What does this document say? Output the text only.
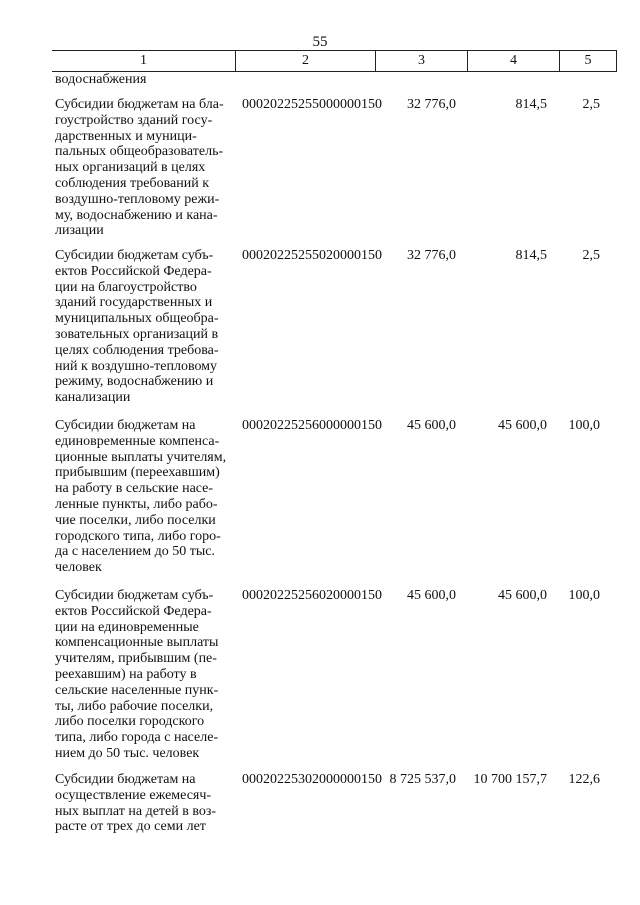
55
1	2	3	4	5
водоснабжения
Субсидии бюджетам на бла-
гоустройство зданий госу-
дарственных и муници-
пальных общеобразователь-
ных организаций в целях
соблюдения требований к
воздушно-тепловому режи-
му, водоснабжению и кана-
лизации
00020225255000000150	32 776,0	814,5	2,5
Субсидии бюджетам субъ-
ектов Российской Федера-
ции на благоустройство
зданий государственных и
муниципальных общеобра-
зовательных организаций в
целях соблюдения требова-
ний к воздушно-тепловому
режиму, водоснабжению и
канализации
00020225255020000150	32 776,0	814,5	2,5
Субсидии бюджетам на
единовременные компенса-
ционные выплаты учителям,
прибывшим (переехавшим)
на работу в сельские насе-
ленные пункты, либо рабо-
чие поселки, либо поселки
городского типа, либо горо-
да с населением до 50 тыс.
человек
00020225256000000150	45 600,0	45 600,0	100,0
Субсидии бюджетам субъ-
ектов Российской Федера-
ции на единовременные
компенсационные выплаты
учителям, прибывшим (пе-
реехавшим) на работу в
сельские населенные пунк-
ты, либо рабочие поселки,
либо поселки городского
типа, либо города с населе-
нием до 50 тыс. человек
00020225256020000150	45 600,0	45 600,0	100,0
Субсидии бюджетам на
осуществление ежемесяч-
ных выплат на детей в воз-
расте от трех до семи лет
00020225302000000150 8 725 537,0	10 700 157,7	122,6
